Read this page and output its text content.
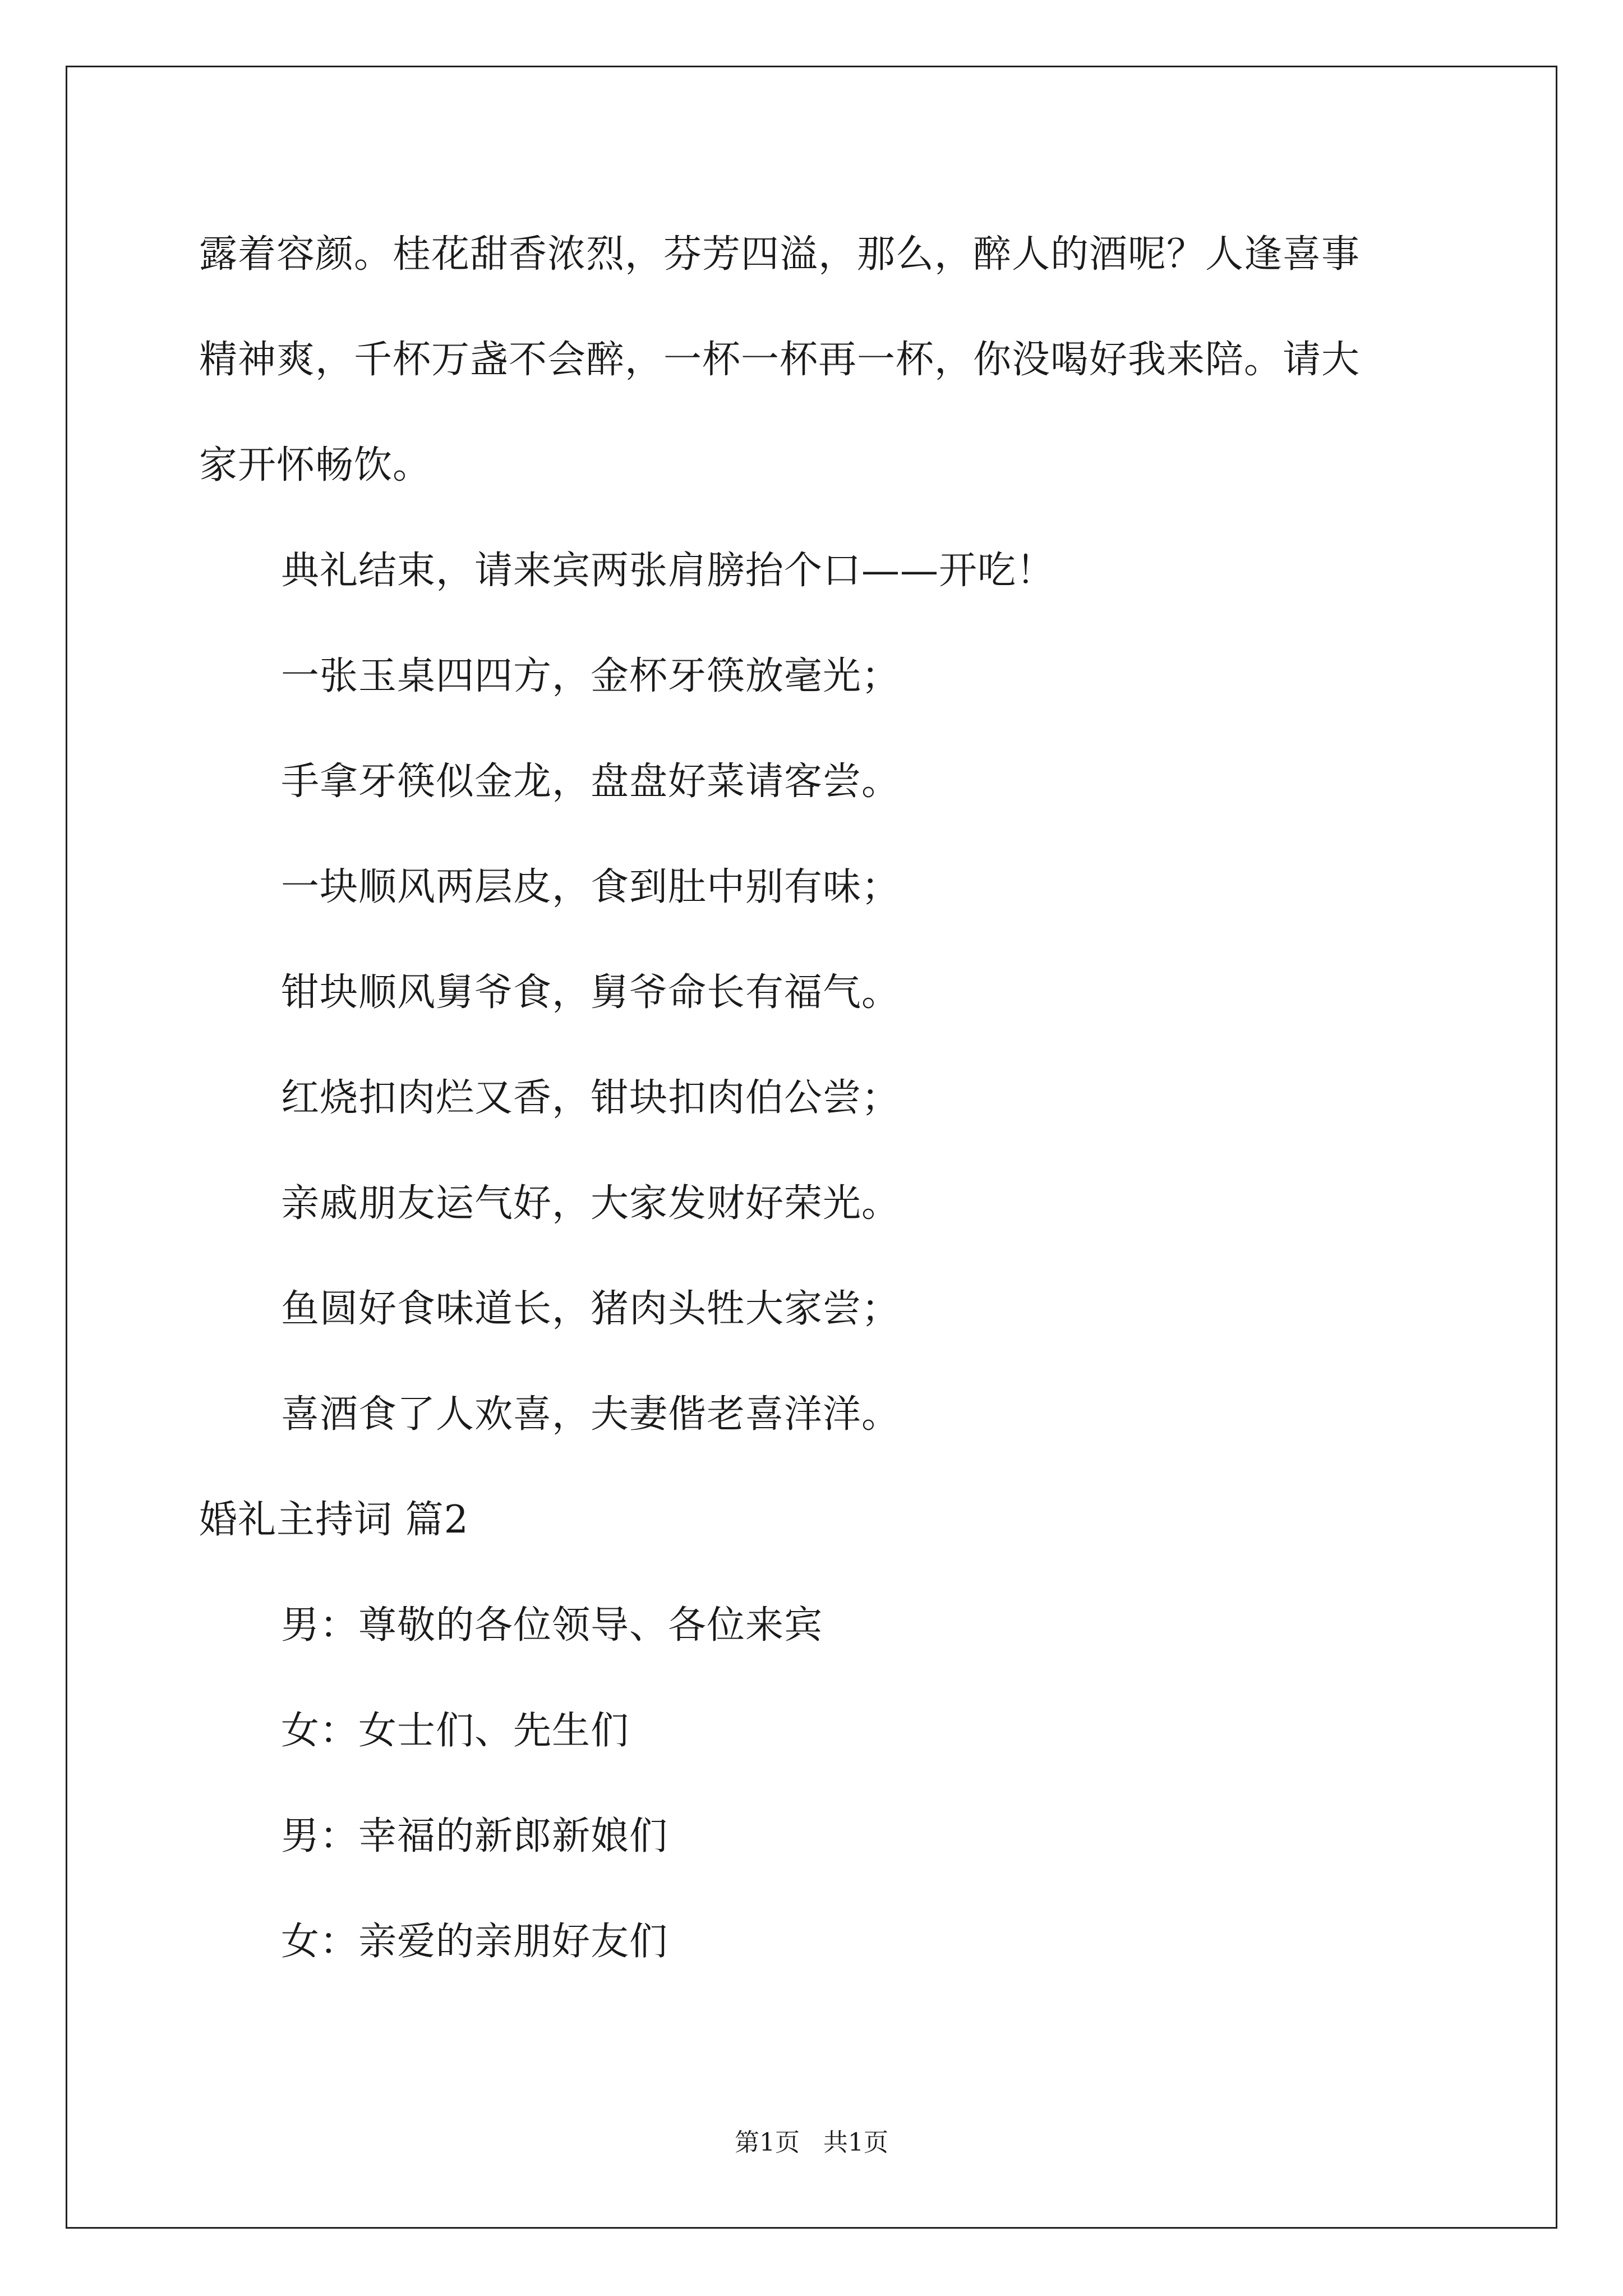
露着容颜。桂花甜香浓烈，芬芳四溢，那么，醉人的酒呢？人逢喜事
精神爽，千杯万盏不会醉，一杯一杯再一杯，你没喝好我来陪。请大
家开怀畅饮。
典礼结束，请来宾两张肩膀抬个口——开吃！
一张玉桌四四方，金杯牙筷放毫光；
手拿牙筷似金龙，盘盘好菜请客尝。
一块顺风两层皮，食到肚中别有味；
钳块顺风舅爷食，舅爷命长有福气。
红烧扣肉烂又香，钳块扣肉伯公尝；
亲戚朋友运气好，大家发财好荣光。
鱼圆好食味道长，猪肉头牲大家尝；
喜酒食了人欢喜，夫妻偕老喜洋洋。
婚礼主持词 篇2
男：尊敬的各位领导、各位来宾
女：女士们、先生们
男：幸福的新郎新娘们
女：亲爱的亲朋好友们
第1页   共1页
